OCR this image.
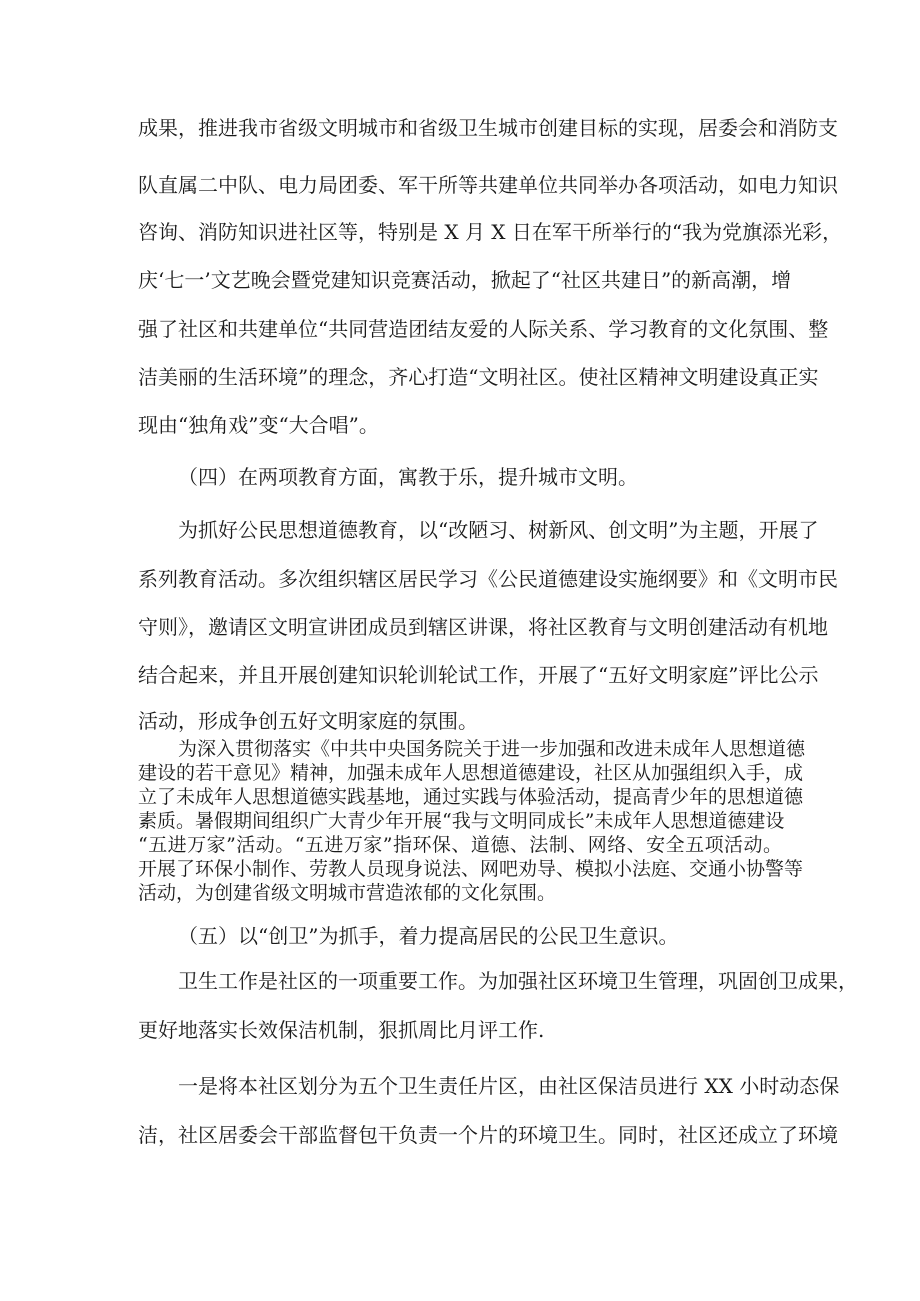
成果，推进我市省级文明城市和省级卫生城市创建目标的实现，居委会和消防支
队直属二中队、电力局团委、军干所等共建单位共同举办各项活动，如电力知识
咨询、消防知识进社区等，特别是 X 月 X 日在军干所举行的“我为党旗添光彩，
庆‘七一’文艺晚会暨党建知识竞赛活动，掀起了“社区共建日”的新高潮，增
强了社区和共建单位“共同营造团结友爱的人际关系、学习教育的文化氛围、整
洁美丽的生活环境”的理念，齐心打造“文明社区。使社区精神文明建设真正实
现由“独角戏”变“大合唱”。
（四）在两项教育方面，寓教于乐，提升城市文明。
为抓好公民思想道德教育，以“改陋习、树新风、创文明”为主题，开展了
系列教育活动。多次组织辖区居民学习《公民道德建设实施纲要》和《文明市民
守则》，邀请区文明宣讲团成员到辖区讲课，将社区教育与文明创建活动有机地
结合起来，并且开展创建知识轮训轮试工作，开展了“五好文明家庭”评比公示
活动，形成争创五好文明家庭的氛围。
为深入贯彻落实《中共中央国务院关于进一步加强和改进未成年人思想道德
建设的若干意见》精神，加强未成年人思想道德建设，社区从加强组织入手，成
立了未成年人思想道德实践基地，通过实践与体验活动，提高青少年的思想道德
素质。暑假期间组织广大青少年开展“我与文明同成长”未成年人思想道德建设
“五进万家”活动。“五进万家”指环保、道德、法制、网络、安全五项活动。
开展了环保小制作、劳教人员现身说法、网吧劝导、模拟小法庭、交通小协警等
活动，为创建省级文明城市营造浓郁的文化氛围。
（五）以“创卫”为抓手，着力提高居民的公民卫生意识。
卫生工作是社区的一项重要工作。为加强社区环境卫生管理，巩固创卫成果，
更好地落实长效保洁机制，狠抓周比月评工作.
一是将本社区划分为五个卫生责任片区，由社区保洁员进行 XX 小时动态保
洁，社区居委会干部监督包干负责一个片的环境卫生。同时，社区还成立了环境
